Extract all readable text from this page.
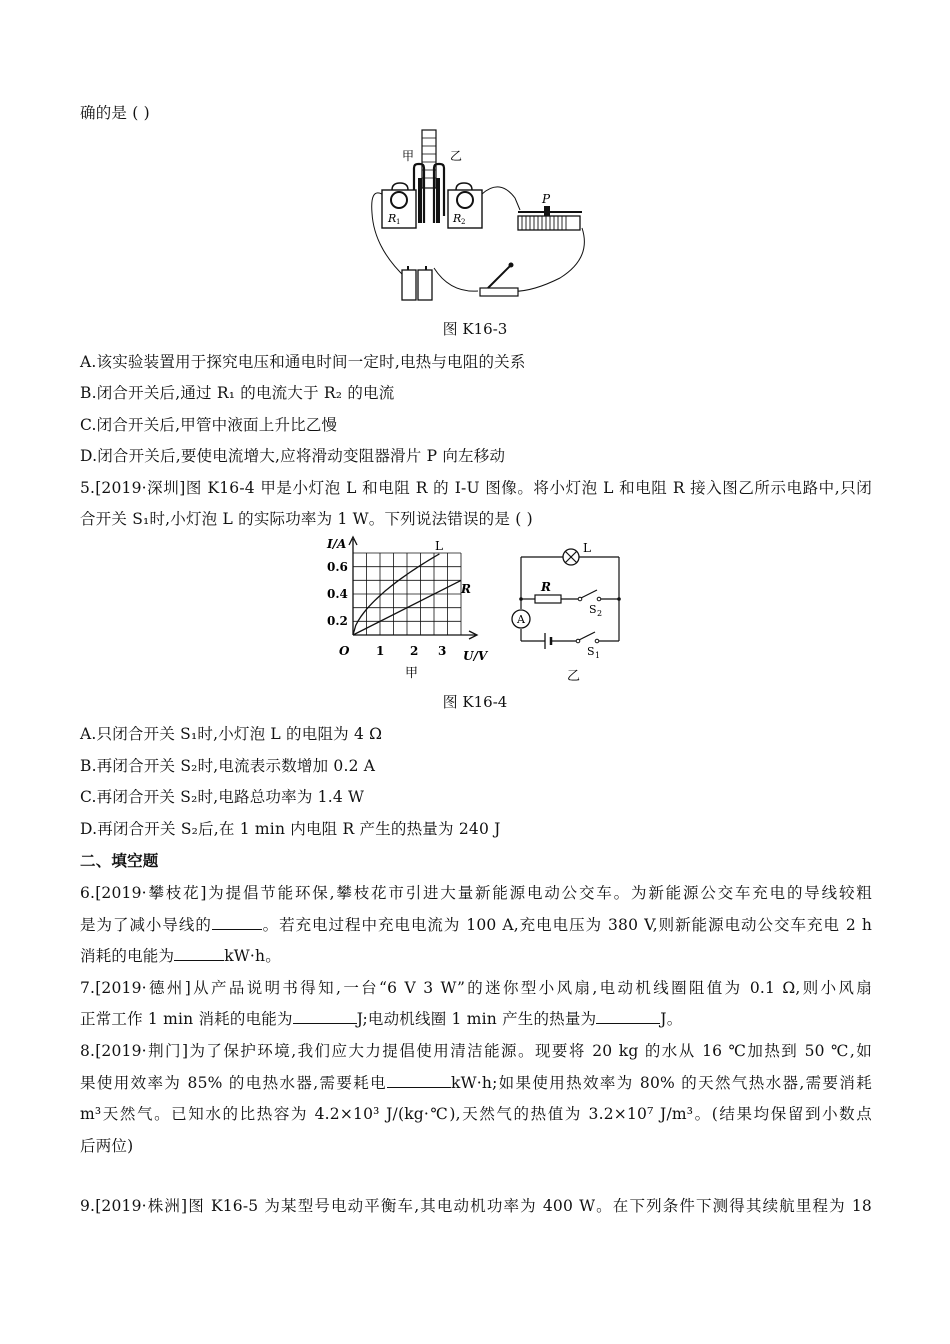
确的是 ( )
R 1	R 2
甲	乙
P
图 K16-3
A.该实验装置用于探究电压和通电时间一定时,电热与电阻的关系
B.闭合开关后,通过 R₁ 的电流大于 R₂ 的电流
C.闭合开关后,甲管中液面上升比乙慢
D.闭合开关后,要使电流增大,应将滑动变阻器滑片 P 向左移动
5.[2019·深圳]图 K16-4 甲是小灯泡 L 和电阻 R 的 I-U 图像。将小灯泡 L 和电阻 R 接入图乙所示电路中,只闭
合开关 S₁时,小灯泡 L 的实际功率为 1 W。下列说法错误的是 ( )
I/A
U/V
O
0.2
0.4
0.6
1 2 3
L
R
甲
L
A
R
S 2
S 1
乙
图 K16-4
A.只闭合开关 S₁时,小灯泡 L 的电阻为 4 Ω
B.再闭合开关 S₂时,电流表示数增加 0.2 A
C.再闭合开关 S₂时,电路总功率为 1.4 W
D.再闭合开关 S₂后,在 1 min 内电阻 R 产生的热量为 240 J
二、填空题
6.[2019·攀枝花]为提倡节能环保,攀枝花市引进大量新能源电动公交车。为新能源公交车充电的导线较粗
是为了减小导线的	。若充电过程中充电电流为 100 A,充电电压为 380 V,则新能源电动公交车充电 2 h
消耗的电能为	kW·h。
7.[2019·德州]从产品说明书得知,一台“6 V 3 W”的迷你型小风扇,电动机线圈阻值为 0.1 Ω,则小风扇
正常工作 1 min 消耗的电能为	J;电动机线圈 1 min 产生的热量为	J。
8.[2019·荆门]为了保护环境,我们应大力提倡使用清洁能源。现要将 20 kg 的水从 16 ℃加热到 50 ℃,如
果使用效率为 85% 的电热水器,需要耗电	kW·h;如果使用热效率为 80% 的天然气热水器,需要消耗
m³天然气。已知水的比热容为 4.2×10³ J/(kg·℃),天然气的热值为 3.2×10⁷ J/m³。(结果均保留到小数点
后两位)
9.[2019·株洲]图 K16-5 为某型号电动平衡车,其电动机功率为 400 W。在下列条件下测得其续航里程为 18
